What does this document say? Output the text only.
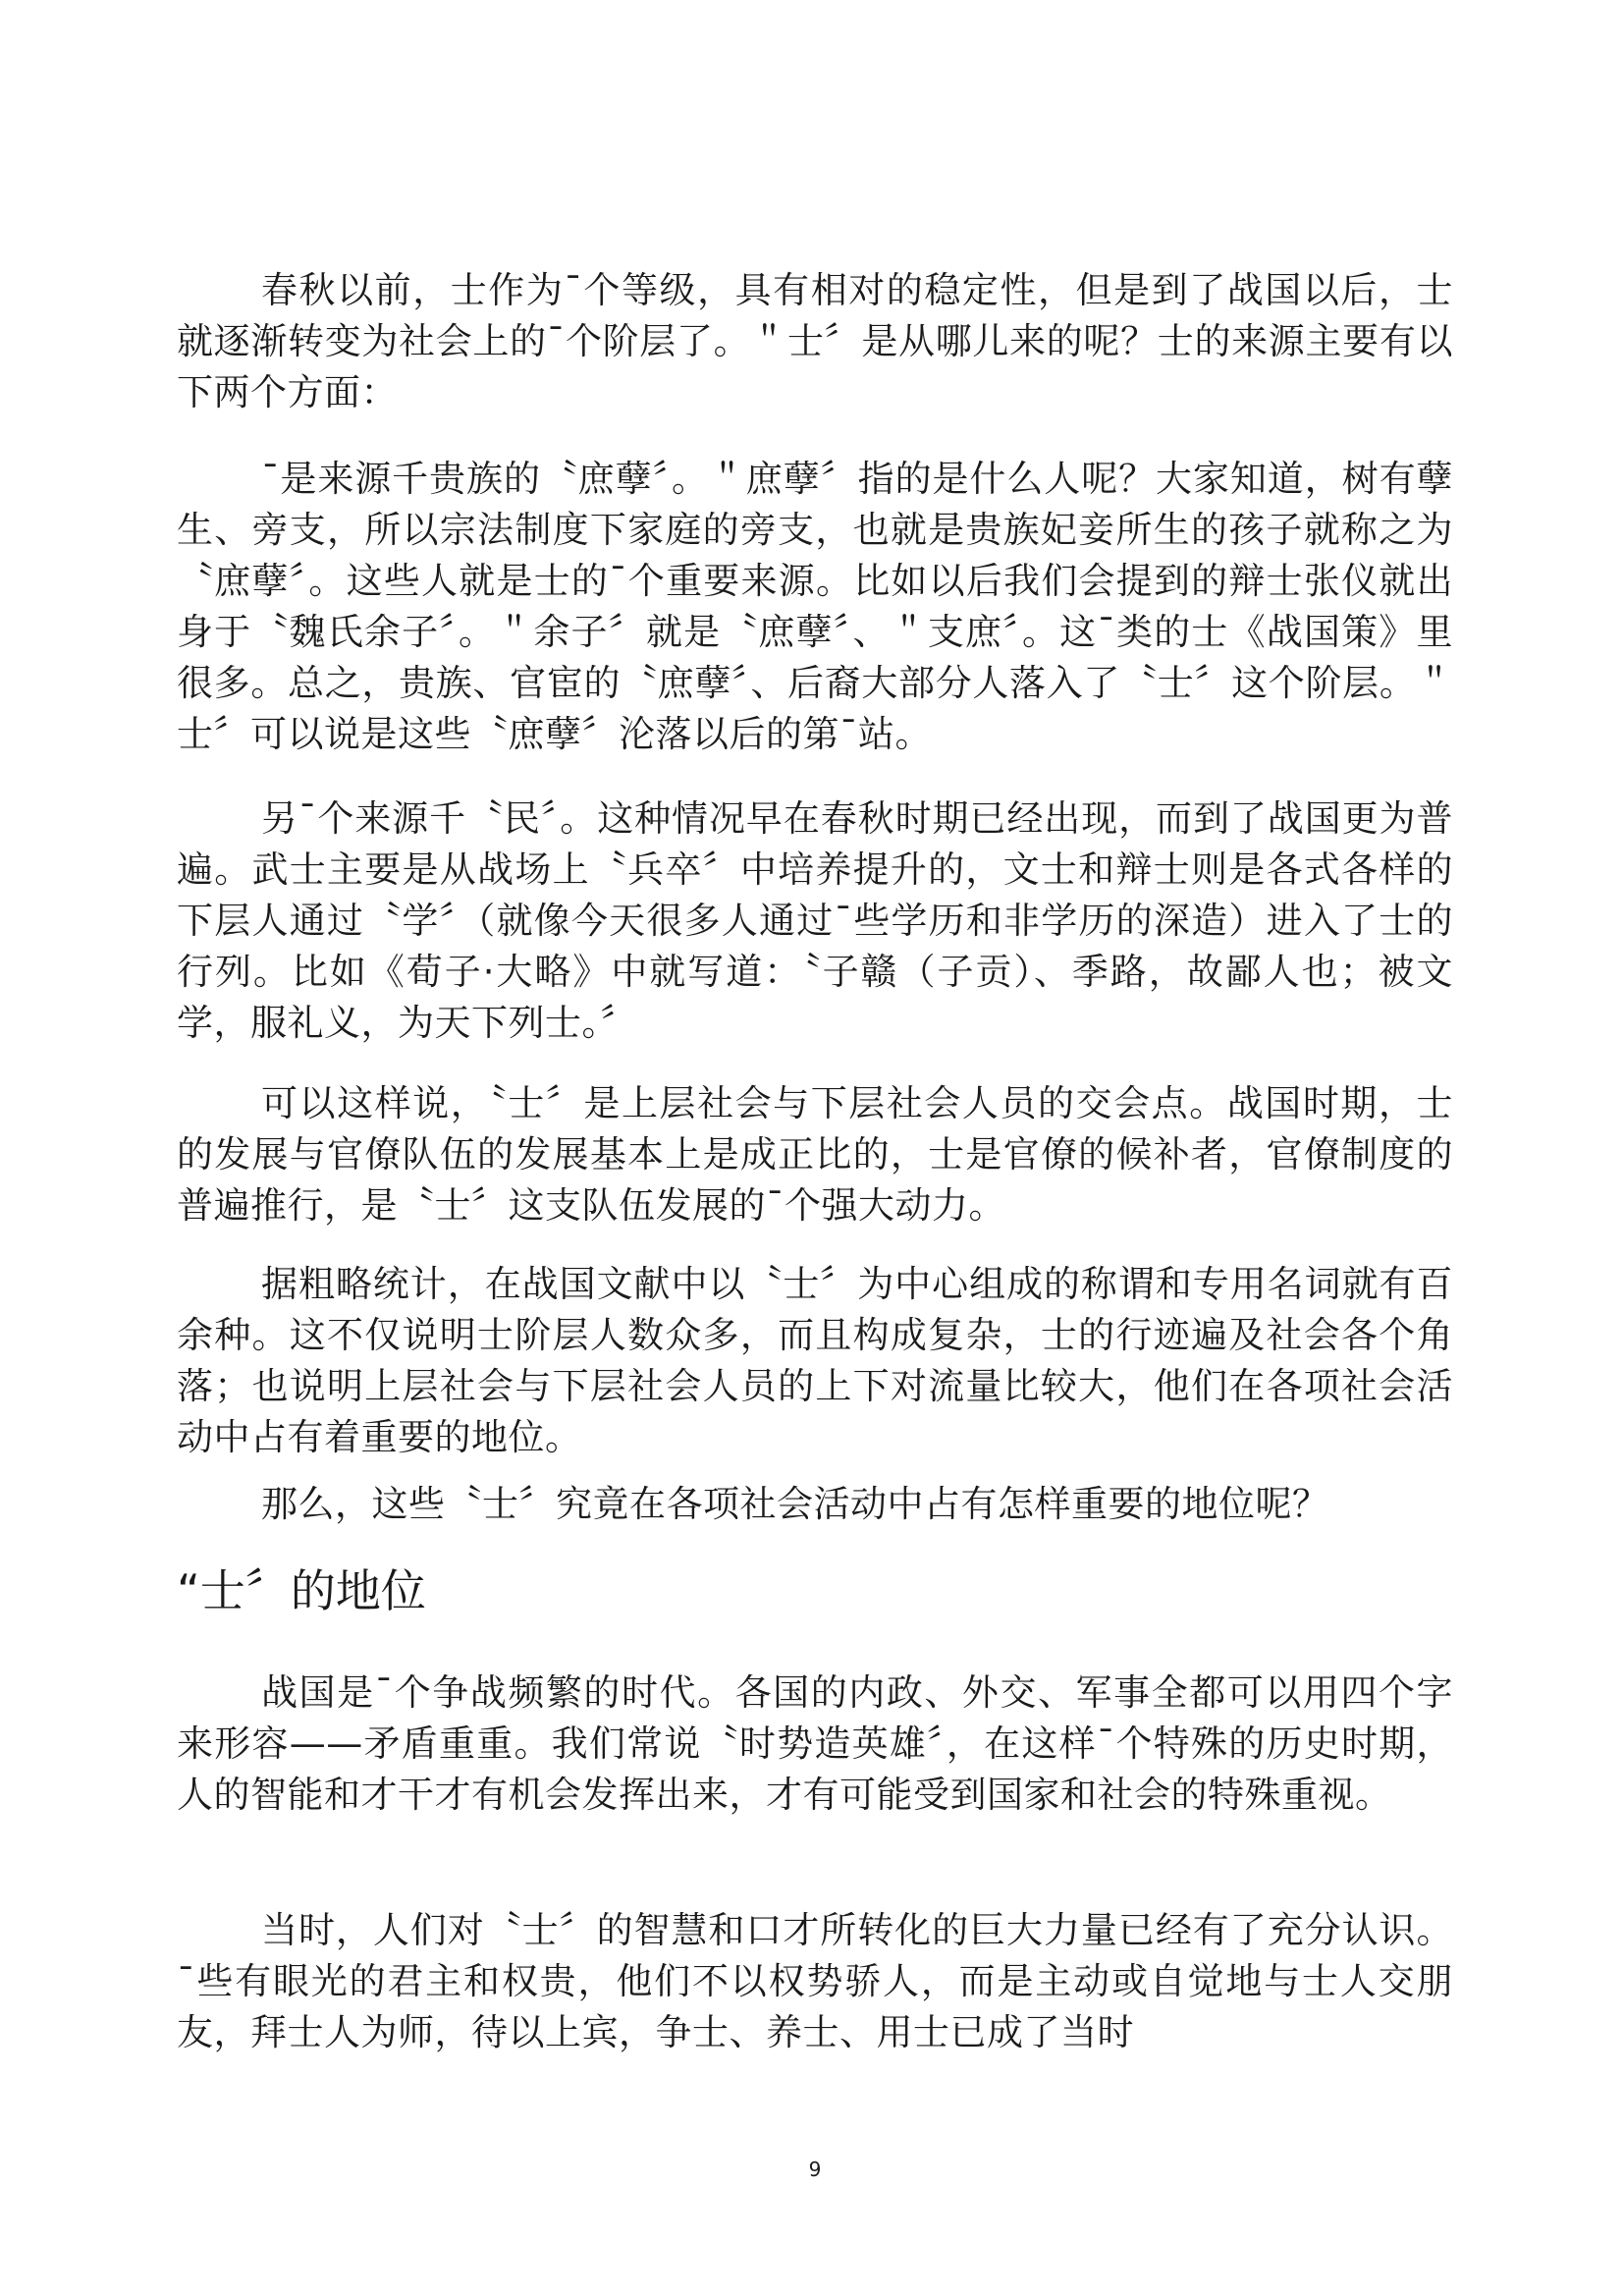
春秋以前，士作为¯个等级，具有相对的稳定性，但是到了战国以后，士就逐渐转变为社会上的¯个阶层了。＂士〞是从哪儿来的呢？士的来源主要有以下两个方面：

¯是来源千贵族的〝庶孽〞。＂庶孽〞指的是什么人呢？大家知道，树有孽生、旁支，所以宗法制度下家庭的旁支，也就是贵族妃妾所生的孩子就称之为〝庶孽〞。这些人就是士的¯个重要来源。比如以后我们会提到的辩士张仪就出身于〝魏氏余子〞。＂余子〞就是〝庶孽〞、＂支庶〞。这¯类的士《战国策》里很多。总之，贵族、官宦的〝庶孽〞、后裔大部分人落入了〝士〞这个阶层。＂士〞可以说是这些〝庶孽〞沦落以后的第¯站。

另¯个来源千〝民〞。这种情况早在春秋时期已经出现，而到了战国更为普遍。武士主要是从战场上〝兵卒〞中培养提升的，文士和辩士则是各式各样的下层人通过〝学〞（就像今天很多人通过¯些学历和非学历的深造）进入了士的行列。比如《荀子·大略》中就写道：〝子赣（子贡）、季路，故鄙人也；被文学，服礼义，为天下列士。〞

可以这样说，〝士〞是上层社会与下层社会人员的交会点。战国时期，士的发展与官僚队伍的发展基本上是成正比的，士是官僚的候补者，官僚制度的普遍推行，是〝士〞这支队伍发展的¯个强大动力。

据粗略统计，在战国文献中以〝士〞为中心组成的称谓和专用名词就有百余种。这不仅说明士阶层人数众多，而且构成复杂，士的行迹遍及社会各个角落；也说明上层社会与下层社会人员的上下对流量比较大，他们在各项社会活动中占有着重要的地位。

那么，这些〝士〞究竟在各项社会活动中占有怎样重要的地位呢？

“士〞的地位

战国是¯个争战频繁的时代。各国的内政、外交、军事全都可以用四个字来形容——矛盾重重。我们常说〝时势造英雄〞，在这样¯个特殊的历史时期，人的智能和才干才有机会发挥出来，才有可能受到国家和社会的特殊重视。

当时，人们对〝士〞的智慧和口才所转化的巨大力量已经有了充分认识。¯些有眼光的君主和权贵，他们不以权势骄人，而是主动或自觉地与士人交朋友，拜士人为师，待以上宾，争士、养士、用士已成了当时

6
